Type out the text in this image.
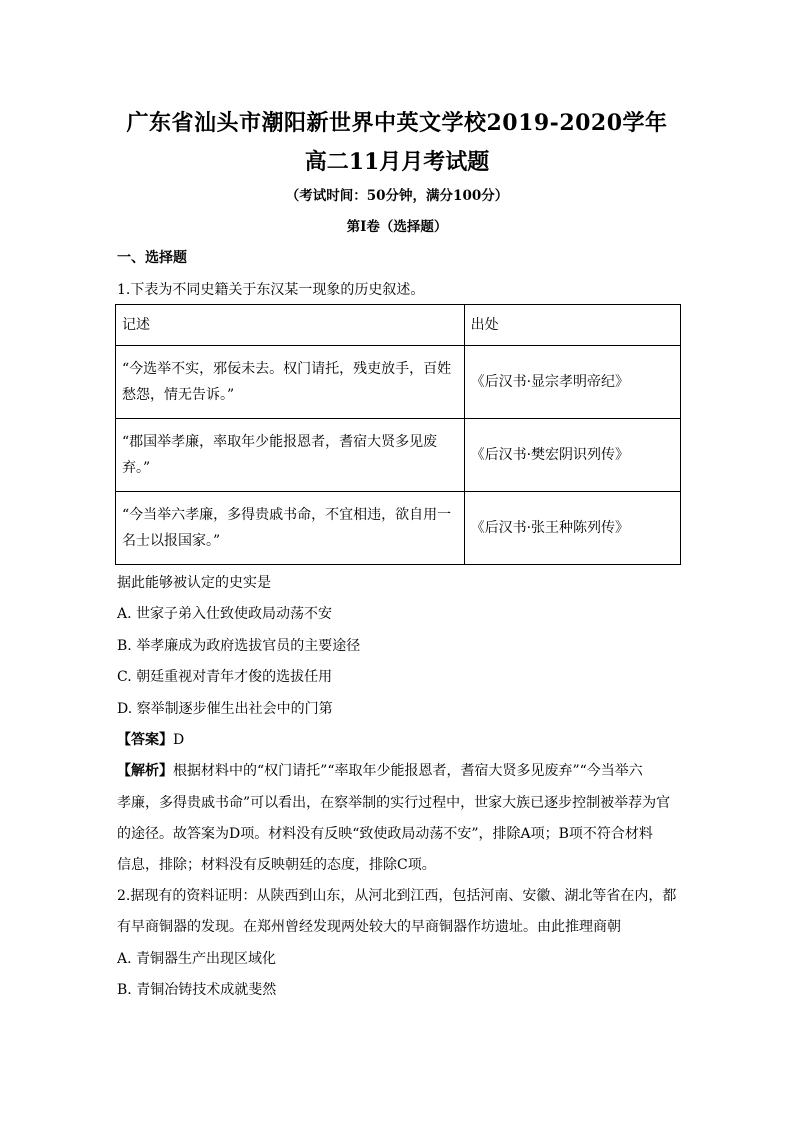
广东省汕头市潮阳新世界中英文学校2019-2020学年
高二11月月考试题
（考试时间：50分钟，满分100分）
第I卷（选择题）
一、选择题
1.下表为不同史籍关于东汉某一现象的历史叙述。
记述	出处

“今选举不实，邪佞未去。权门请托，残吏放手，百姓
愁怨，情无告诉。”	《后汉书·显宗孝明帝纪》

“郡国举孝廉，率取年少能报恩者，耆宿大贤多见废
弃。”	《后汉书·樊宏阴识列传》

“今当举六孝廉，多得贵戚书命，不宜相违，欲自用一
名士以报国家。”	《后汉书·张王种陈列传》
据此能够被认定的史实是
A. 世家子弟入仕致使政局动荡不安
B. 举孝廉成为政府选拔官员的主要途径
C. 朝廷重视对青年才俊的选拔任用
D. 察举制逐步催生出社会中的门第
【答案】D
【解析】根据材料中的“权门请托”“率取年少能报恩者，耆宿大贤多见废弃”“今当举六
孝廉，多得贵戚书命”可以看出，在察举制的实行过程中，世家大族已逐步控制被举荐为官
的途径。故答案为D项。材料没有反映“致使政局动荡不安”，排除A项；B项不符合材料
信息，排除；材料没有反映朝廷的态度，排除C项。
2.据现有的资料证明：从陕西到山东，从河北到江西，包括河南、安徽、湖北等省在内，都
有早商铜器的发现。在郑州曾经发现两处较大的早商铜器作坊遗址。由此推理商朝
A. 青铜器生产出现区域化
B. 青铜冶铸技术成就斐然
